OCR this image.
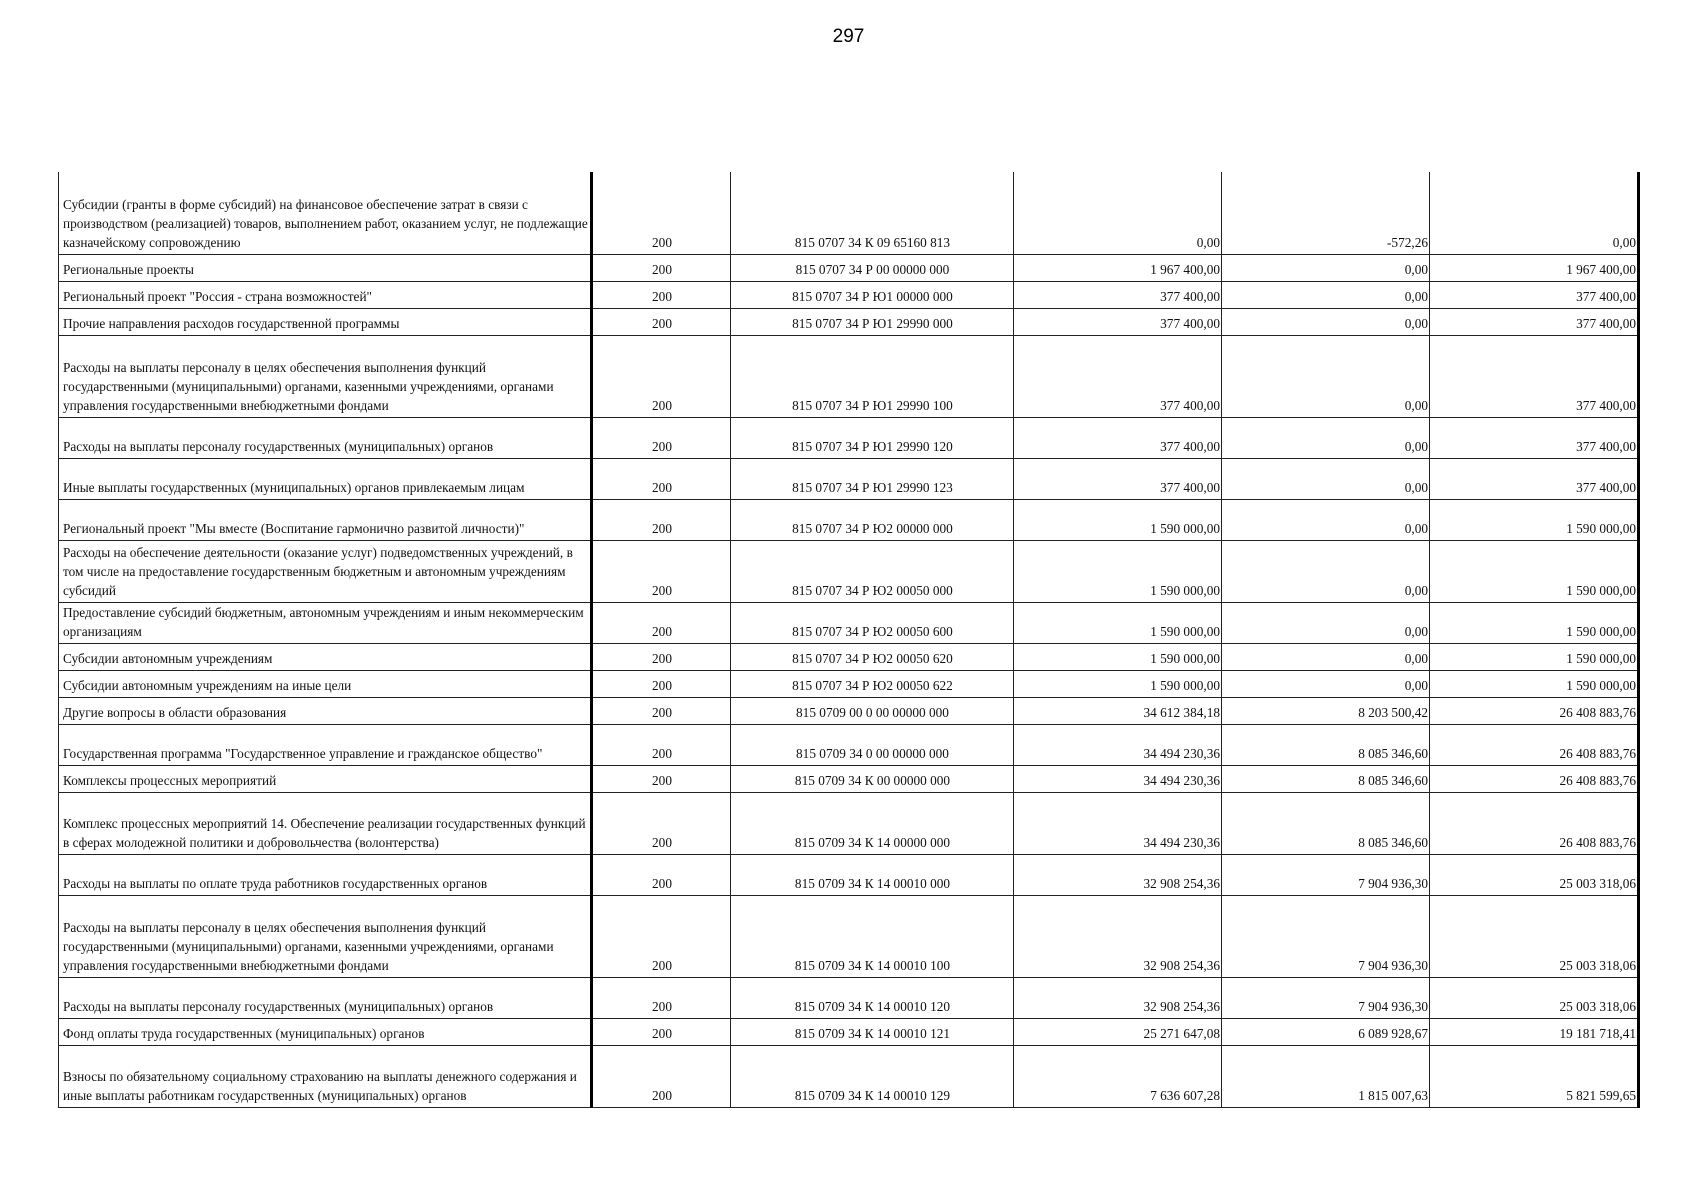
297
Субсидии (гранты в форме субсидий) на финансовое обеспечение затрат в связи с производством (реализацией) товаров, выполнением работ, оказанием услуг, не подлежащие казначейскому сопровождению	200	815 0707 34 К 09 65160 813	0,00	-572,26	0,00
Региональные проекты	200	815 0707 34 Р 00 00000 000	1 967 400,00	0,00	1 967 400,00
Региональный проект "Россия - страна возможностей"	200	815 0707 34 Р Ю1 00000 000	377 400,00	0,00	377 400,00
Прочие направления расходов государственной программы	200	815 0707 34 Р Ю1 29990 000	377 400,00	0,00	377 400,00
Расходы на выплаты персоналу в целях обеспечения выполнения функций государственными (муниципальными) органами, казенными учреждениями, органами управления государственными внебюджетными фондами	200	815 0707 34 Р Ю1 29990 100	377 400,00	0,00	377 400,00
Расходы на выплаты персоналу государственных (муниципальных) органов	200	815 0707 34 Р Ю1 29990 120	377 400,00	0,00	377 400,00
Иные выплаты государственных (муниципальных) органов привлекаемым лицам	200	815 0707 34 Р Ю1 29990 123	377 400,00	0,00	377 400,00
Региональный проект "Мы вместе (Воспитание гармонично развитой личности)"	200	815 0707 34 Р Ю2 00000 000	1 590 000,00	0,00	1 590 000,00
Расходы на обеспечение деятельности (оказание услуг) подведомственных учреждений, в том числе на предоставление государственным бюджетным и автономным учреждениям субсидий	200	815 0707 34 Р Ю2 00050 000	1 590 000,00	0,00	1 590 000,00
Предоставление субсидий бюджетным, автономным учреждениям и иным некоммерческим организациям	200	815 0707 34 Р Ю2 00050 600	1 590 000,00	0,00	1 590 000,00
Субсидии автономным учреждениям	200	815 0707 34 Р Ю2 00050 620	1 590 000,00	0,00	1 590 000,00
Субсидии автономным учреждениям на иные цели	200	815 0707 34 Р Ю2 00050 622	1 590 000,00	0,00	1 590 000,00
Другие вопросы в области образования	200	815 0709 00 0 00 00000 000	34 612 384,18	8 203 500,42	26 408 883,76
Государственная программа "Государственное управление и гражданское общество"	200	815 0709 34 0 00 00000 000	34 494 230,36	8 085 346,60	26 408 883,76
Комплексы процессных мероприятий	200	815 0709 34 К 00 00000 000	34 494 230,36	8 085 346,60	26 408 883,76
Комплекс процессных мероприятий 14. Обеспечение реализации государственных функций в сферах молодежной политики и добровольчества (волонтерства)	200	815 0709 34 К 14 00000 000	34 494 230,36	8 085 346,60	26 408 883,76
Расходы на выплаты по оплате труда работников государственных органов	200	815 0709 34 К 14 00010 000	32 908 254,36	7 904 936,30	25 003 318,06
Расходы на выплаты персоналу в целях обеспечения выполнения функций государственными (муниципальными) органами, казенными учреждениями, органами управления государственными внебюджетными фондами	200	815 0709 34 К 14 00010 100	32 908 254,36	7 904 936,30	25 003 318,06
Расходы на выплаты персоналу государственных (муниципальных) органов	200	815 0709 34 К 14 00010 120	32 908 254,36	7 904 936,30	25 003 318,06
Фонд оплаты труда государственных (муниципальных) органов	200	815 0709 34 К 14 00010 121	25 271 647,08	6 089 928,67	19 181 718,41
Взносы по обязательному социальному страхованию на выплаты денежного содержания и иные выплаты работникам государственных (муниципальных) органов	200	815 0709 34 К 14 00010 129	7 636 607,28	1 815 007,63	5 821 599,65
